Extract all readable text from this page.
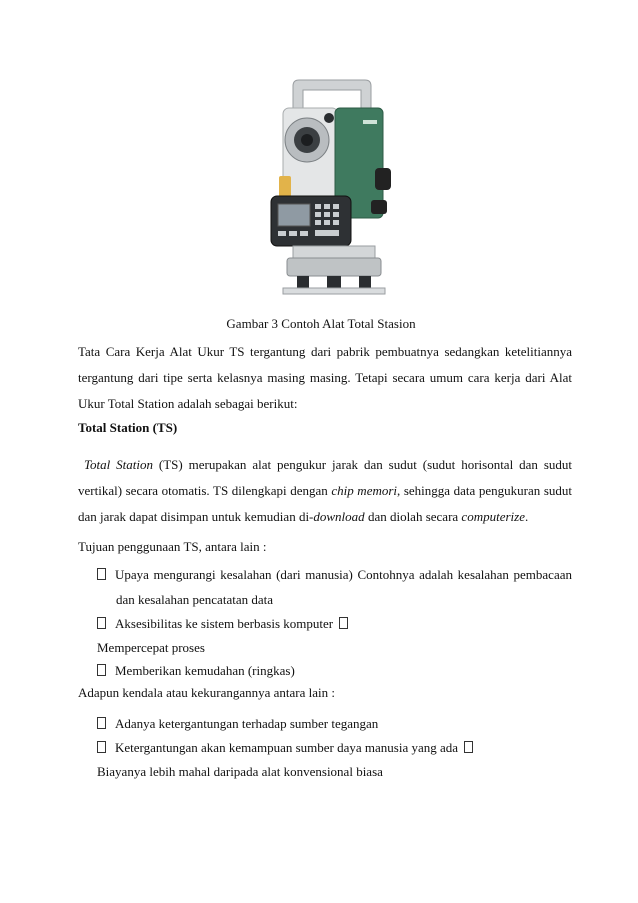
Gambar 3 Contoh Alat Total Stasion

Tata Cara Kerja Alat Ukur TS tergantung dari pabrik pembuatnya sedangkan ketelitiannya tergantung dari tipe serta kelasnya masing masing. Tetapi secara umum cara kerja dari Alat Ukur Total Station adalah sebagai berikut:

Total Station (TS)

Total Station (TS) merupakan alat pengukur jarak dan sudut (sudut horisontal dan sudut vertikal) secara otomatis. TS dilengkapi dengan chip memori, sehingga data pengukuran sudut dan jarak dapat disimpan untuk kemudian di-download dan diolah secara computerize.

Tujuan penggunaan TS, antara lain :
Upaya mengurangi kesalahan (dari manusia) Contohnya adalah kesalahan pembacaan
dan kesalahan pencatatan data
Aksesibilitas ke sistem berbasis komputer
Mempercepat proses
Memberikan kemudahan (ringkas)
Adapun kendala atau kekurangannya antara lain :
Adanya ketergantungan terhadap sumber tegangan
Ketergantungan akan kemampuan sumber daya manusia yang ada
Biayanya lebih mahal daripada alat konvensional biasa
